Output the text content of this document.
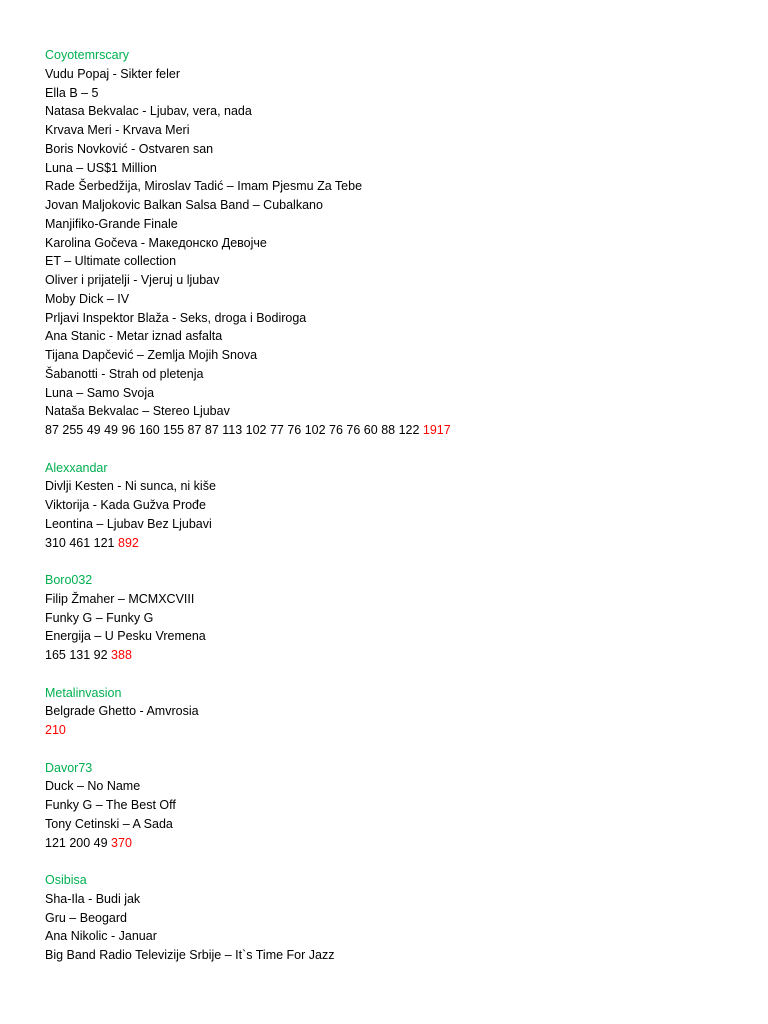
Coyotemrscary
Vudu Popaj - Sikter feler
Ella B – 5
Natasa Bekvalac - Ljubav, vera, nada
Krvava Meri - Krvava Meri
Boris Novković - Ostvaren san
Luna – US$1 Million
Rade Šerbedžija, Miroslav Tadić – Imam Pjesmu Za Tebe
Jovan Maljokovic Balkan Salsa Band – Cubalkano
Manjifiko-Grande Finale
Karolina Gočeva - Македонско Девојче
ET – Ultimate collection
Oliver i prijatelji - Vjeruj u ljubav
Moby Dick – IV
Prljavi Inspektor Blaža - Seks, droga i Bodiroga
Ana Stanic - Metar iznad asfalta
Tijana Dapčević – Zemlja Mojih Snova
Šabanotti - Strah od pletenja
Luna – Samo Svoja
Nataša Bekvalac – Stereo Ljubav
87 255 49 49 96 160 155 87 87 113 102 77 76 102 76 76 60 88 122 1917
Alexxandar
Divlji Kesten - Ni sunca, ni kiše
Viktorija - Kada Gužva Prođe
Leontina – Ljubav Bez Ljubavi
310 461 121 892
Boro032
Filip Žmaher – MCMXCVIII
Funky G – Funky G
Energija – U Pesku Vremena
165 131 92 388
Metalinvasion
Belgrade Ghetto - Amvrosia
210
Davor73
Duck – No Name
Funky G – The Best Off
Tony Cetinski – A Sada
121 200 49 370
Osibisa
Sha-Ila - Budi jak
Gru – Beogard
Ana Nikolic - Januar
Big Band Radio Televizije Srbije – It`s Time For Jazz
